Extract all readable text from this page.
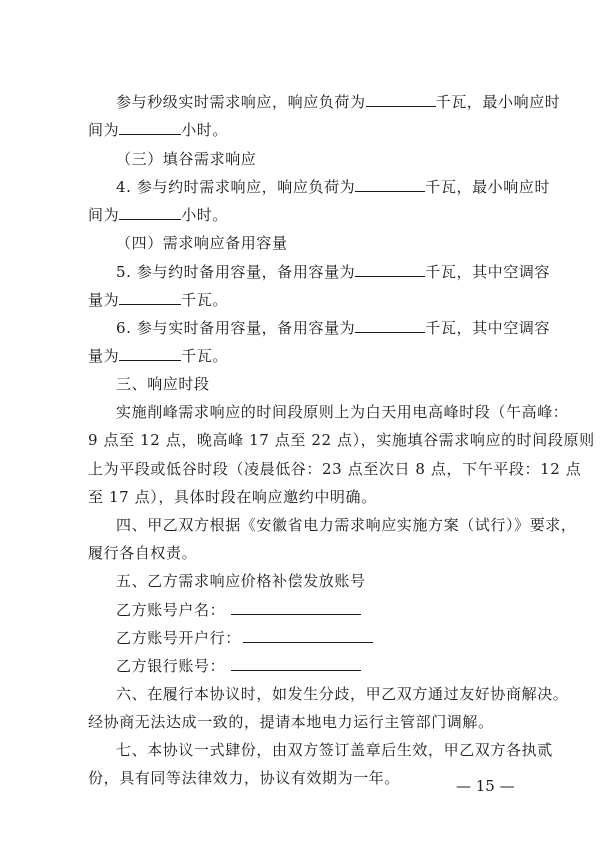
参与秒级实时需求响应，响应负荷为	千瓦，最小响应时
间为	小时。
（三）填谷需求响应
4. 参与约时需求响应，响应负荷为	千瓦，最小响应时
间为	小时。
（四）需求响应备用容量
5. 参与约时备用容量，备用容量为	千瓦，其中空调容
量为	千瓦。
6. 参与实时备用容量，备用容量为	千瓦，其中空调容
量为	千瓦。
三、响应时段
实施削峰需求响应的时间段原则上为白天用电高峰时段（午高峰：
9 点至 12 点，晚高峰 17 点至 22 点），实施填谷需求响应的时间段原则
上为平段或低谷时段（凌晨低谷：23 点至次日 8 点，下午平段：12 点
至 17 点），具体时段在响应邀约中明确。
四、甲乙双方根据《安徽省电力需求响应实施方案（试行）》要求，
履行各自权责。
五、乙方需求响应价格补偿发放账号
乙方账号户名：
乙方账号开户行：
乙方银行账号：
六、在履行本协议时，如发生分歧，甲乙双方通过友好协商解决。
经协商无法达成一致的，提请本地电力运行主管部门调解。
七、本协议一式肆份，由双方签订盖章后生效，甲乙双方各执贰
份，具有同等法律效力，协议有效期为一年。	— 15 —
